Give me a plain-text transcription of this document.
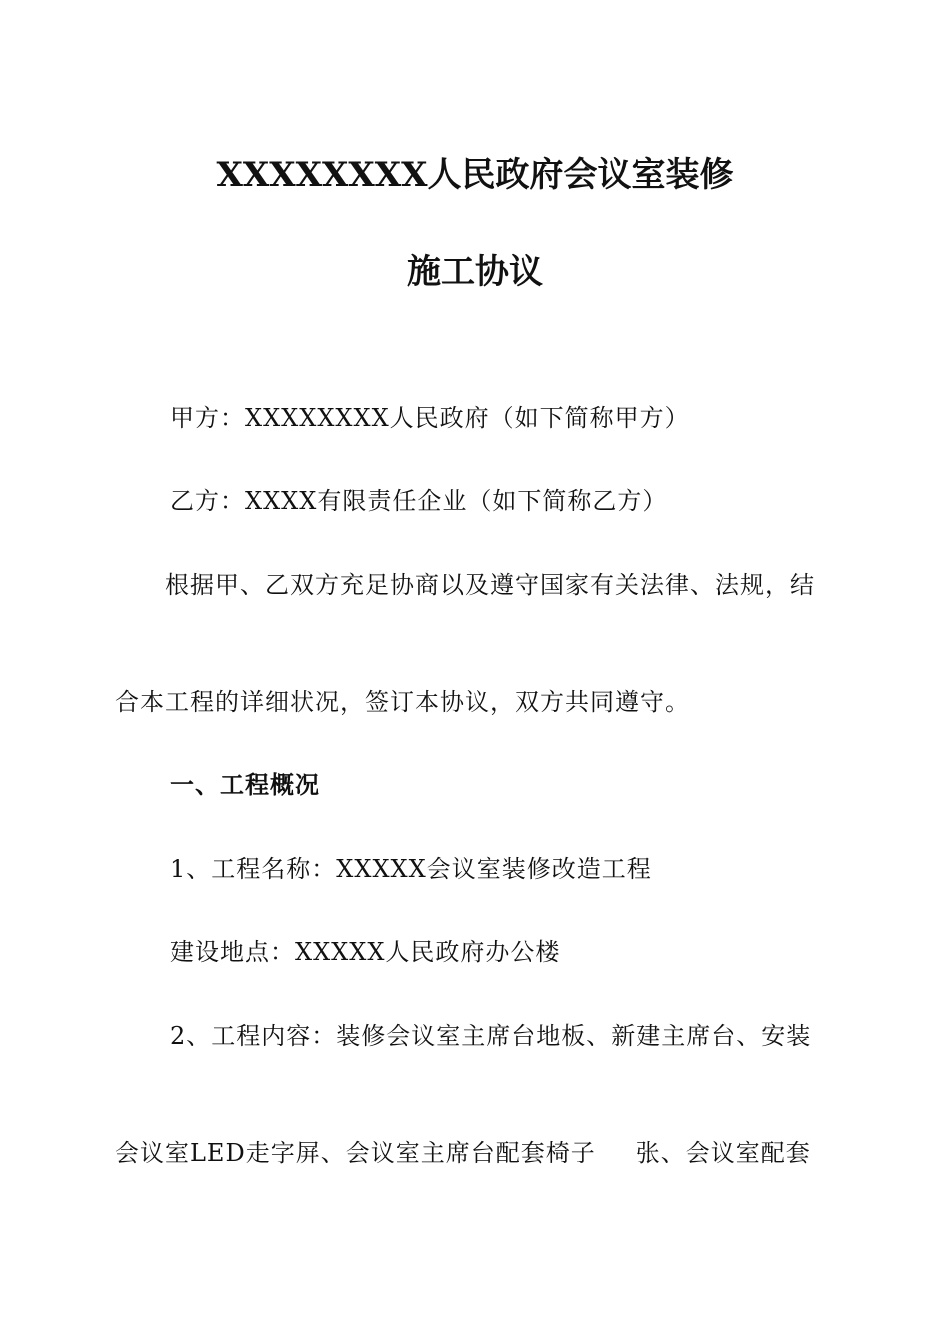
XXXXXXXX人民政府会议室装修
施工协议
甲方：XXXXXXXX人民政府（如下简称甲方）
乙方：XXXX有限责任企业（如下简称乙方）
根据甲、乙双方充足协商以及遵守国家有关法律、法规，结
合本工程的详细状况，签订本协议，双方共同遵守。
一、工程概况
1、工程名称：XXXXX会议室装修改造工程
建设地点：XXXXX人民政府办公楼
2、工程内容：装修会议室主席台地板、新建主席台、安装
会议室LED走字屏、会议室主席台配套椅子 张、会议室配套
